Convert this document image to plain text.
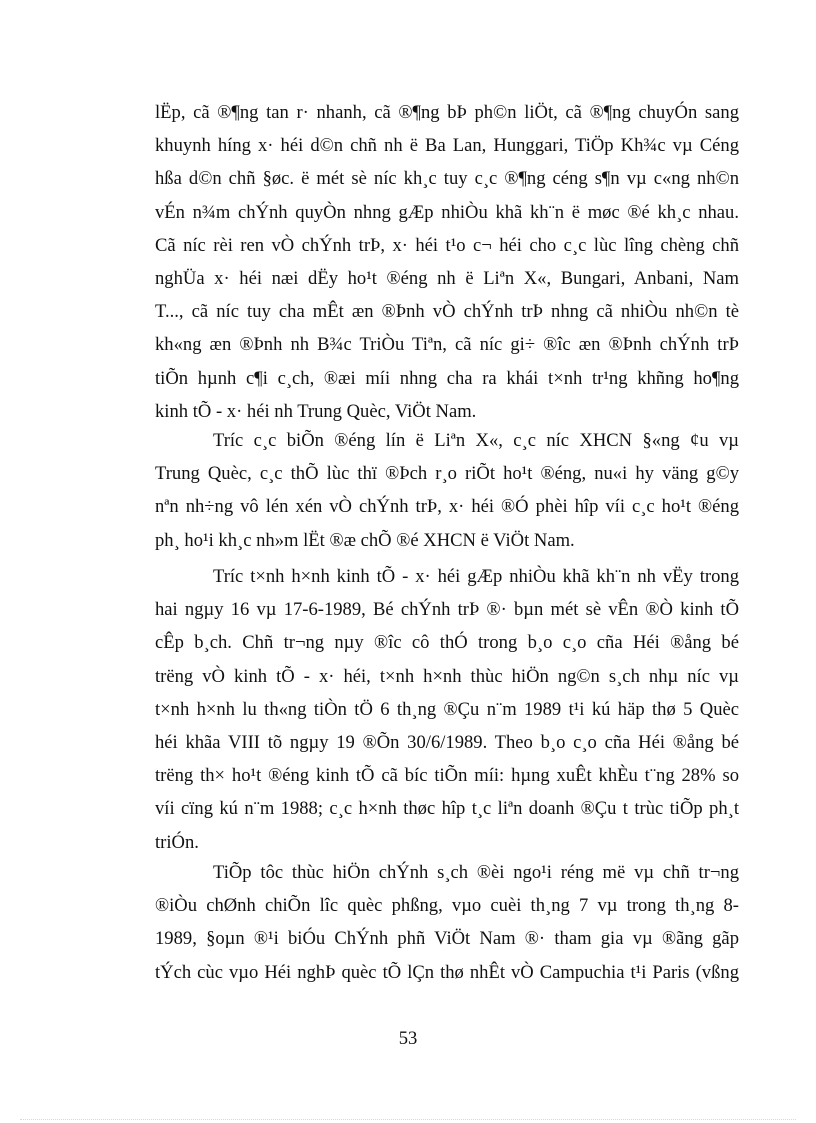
lËp, cã ®¶ng tan r· nhanh, cã ®¶ng bÞ ph©n liÖt, cã ®¶ng chuyÓn sang
khuynh híng x· héi d©n chñ nh ë Ba Lan, Hunggari, TiÖp Kh¾c vµ Céng
hßa d©n chñ §øc. ë mét sè níc kh¸c tuy c¸c ®¶ng céng s¶n vµ c«ng nh©n
vÉn n¾m chÝnh quyÒn nhng gÆp nhiÒu khã kh¨n ë møc ®é kh¸c nhau.
Cã níc rèi ren vÒ chÝnh trÞ, x· héi t¹o c¬ héi cho c¸c lùc lîng chèng chñ
nghÜa x· héi næi dËy ho¹t ®éng nh ë Liªn X«, Bungari, Anbani, Nam
T..., cã níc tuy cha mÊt æn ®Þnh vÒ chÝnh trÞ nhng cã nhiÒu nh©n tè
kh«ng æn ®Þnh nh B¾c TriÒu Tiªn, cã níc gi÷ ®îc æn ®Þnh chÝnh trÞ
tiÕn hµnh c¶i c¸ch, ®æi míi nhng cha ra khái t×nh tr¹ng khñng ho¶ng
kinh tÕ - x· héi nh Trung Quèc, ViÖt Nam.
Tríc c¸c biÕn ®éng lín ë Liªn X«, c¸c níc XHCN §«ng ¢u vµ
Trung Quèc, c¸c thÕ lùc thï ®Þch r¸o riÕt ho¹t ®éng, nu«i hy väng g©y
nªn nh÷ng vô lén xén vÒ chÝnh trÞ, x· héi ®Ó phèi hîp víi c¸c ho¹t ®éng
ph¸ ho¹i kh¸c nh»m lËt ®æ chÕ ®é XHCN ë ViÖt Nam.
Tríc t×nh h×nh kinh tÕ - x· héi gÆp nhiÒu khã kh¨n nh vËy trong
hai ngµy 16 vµ 17-6-1989, Bé chÝnh trÞ ®· bµn mét sè vÊn ®Ò kinh tÕ
cÊp b¸ch. Chñ tr¬ng nµy ®îc cô thÓ trong b¸o c¸o cña Héi ®ång bé
trëng vÒ kinh tÕ - x· héi, t×nh h×nh thùc hiÖn ng©n s¸ch nhµ níc vµ
t×nh h×nh lu th«ng tiÒn tÖ 6 th¸ng ®Çu n¨m 1989 t¹i kú häp thø 5 Quèc
héi khãa VIII tõ ngµy 19 ®Õn 30/6/1989. Theo b¸o c¸o cña Héi ®ång bé
trëng th× ho¹t ®éng kinh tÕ cã bíc tiÕn míi: hµng xuÊt khÈu t¨ng 28% so
víi cïng kú n¨m 1988; c¸c h×nh thøc hîp t¸c liªn doanh ®Çu t trùc tiÕp ph¸t
triÓn.
TiÕp tôc thùc hiÖn chÝnh s¸ch ®èi ngo¹i réng më vµ chñ tr¬ng
®iÒu chØnh chiÕn lîc quèc phßng, vµo cuèi th¸ng 7 vµ trong th¸ng 8-
1989, §oµn ®¹i biÓu ChÝnh phñ ViÖt Nam ®· tham gia vµ ®ãng gãp
tÝch cùc vµo Héi nghÞ quèc tÕ lÇn thø nhÊt vÒ Campuchia t¹i Paris (vßng
53
